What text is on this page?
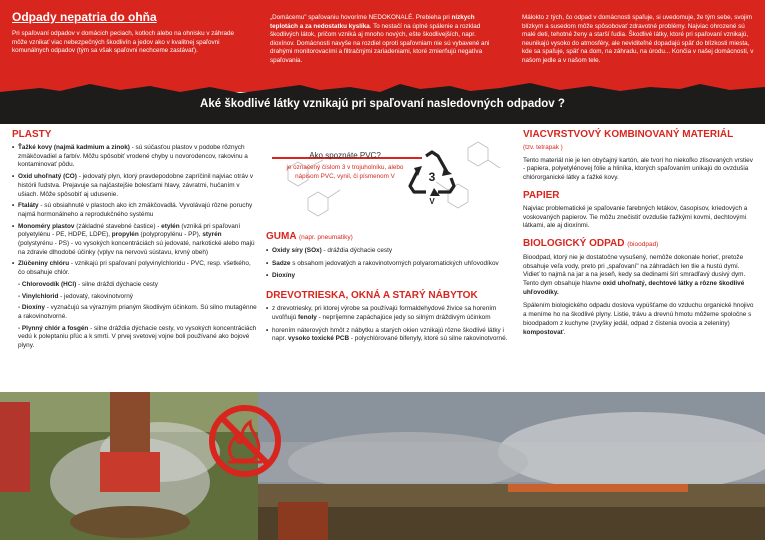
Odpady nepatria do ohňa
Pri spaľovaní odpadov v domácich peciach, kotloch alebo na ohnisku v záhrade môže vznikať viac nebezpečných škodlivín a jedov ako v kvalitnej spaľovni komunálnych odpadov (tým sa však spaľovni nechceme zastávať).
„Domácemu" spaľovaniu hovoríme NEDOKONALÉ. Prebieha pri nízkych teplotách a za nedostatku kyslíka. To nestačí na úplné spálenie a rozklad škodlivých látok, pričom vzniká aj mnoho nových, ešte škodlivejších, napr. dioxínov. Domácnosti navyše na rozdiel oproti spaľovniam nie sú vybavené ani drahými monitorovacími a filtračnými zariadeniami, ktoré zmierňujú negatíva spaľovania.
Málokto z tých, čo odpad v domácnosti spaľuje, si uvedomuje, že tým sebe, svojim blízkym a susedom môže spôsobovať zdravotné problémy. Najviac ohrozené sú malé deti, tehotné ženy a starší ľudia. Škodlivé látky, ktoré pri spaľovaní vznikajú, neunikajú vysoko do atmosféry, ale neviditeľné dopadajú späť do blízkosti miesta, kde sa spaľuje, späť na dom, na záhradu, na úrodu... Končia v našej domácnosti, v našom jedle a v našom tele.
Aké škodlivé látky vznikajú pri spaľovaní nasledovných odpadov ?
PLASTY
• Ťažké kovy (najmä kadmium a zinok) - sú súčasťou plastov v podobe rôznych zmäkčovadiel a farbív. Môžu spôsobiť vrodené chyby u novorodencov, rakovinu a kontaminovať pôdu.
• Oxid uhoľnatý (CO) - jedovatý plyn, ktorý pravdepodobne zapríčinil najviac otráv v histórii ľudstva. Prejavuje sa najčastejšie bolesťami hlavy, závratmi, hučaním v ušiach. Môže spôsobiť aj udusenie.
• Ftaláty - sú obsiahnuté v plastoch ako ich zmäkčovadlá. Vyvolávajú rôzne poruchy najmä hormonálneho a reprodukčného systému
• Monoméry plastov (základné stavebné častice) - etylén (vzniká pri spaľovaní polyetylénu - PE, HDPE, LDPE), propylén (polypropylénu - PP), styrén (polystyrénu - PS) - vo vysokých koncentráciách sú jedovaté, narkotické alebo majú na zdravie dlhodobé účinky (vplyv na nervovú sústavu, krvný obeh)
• Zlúčeniny chlóru - vznikajú pri spaľovaní polyvinylchloridu - PVC, resp. všetkého, čo obsahuje chlór.
- Chlorovodík (HCl) - silne dráždi dýchacie cesty
- Vinylchlorid - jedovatý, rakovinotvorný
- Dioxíny - vyznačujú sa výrazným prianým škodlivým účinkom. Sú silno mutagénne a rakovinotvorné.
- Plynný chlór a fosgén - silne dráždia dýchacie cesty, vo vysokých koncentráciách vedú k poleptaniu pľúc a k smrti. V prvej svetovej vojne boli používané ako bojové plyny.
3
V
Ako spoznáte PVC?
je označený číslom 3 v trojuholníku, alebo nápisom PVC, vynil, či písmenom V
GUMA (napr. pneumatiky)
• Oxidy síry (SOx) - dráždia dýchacie cesty
• Sadze s obsahom jedovatých a rakovinotvorných polyaromatických uhľovodíkov
• Dioxíny
DREVOTRIESKA, OKNÁ A STARÝ NÁBYTOK
• z drevotriesky, pri ktorej výrobe sa používajú formaldehydové živice sa horením uvoľňujú fenoly - nepríjemne zapáchajúce jedy so silným dráždivým účinkom
• horením náterových hmôt z nábytku a starých okien vznikajú rôzne škodlivé látky i napr. vysoko toxické PCB - polychlórované bifenyly, ktoré sú silne rakovinotvorné.
VIACVRSTVOVÝ KOMBINOVANÝ MATERIÁL
(tzv. tetrapak )
Tento materiál nie je len obyčajný kartón, ale tvorí ho niekoľko zlisovaných vrstiev - papiera, polyetylénovej fólie a hliníka, ktorých spaľovaním unikajú do ovzdušia chlórorganické látky a ťažké kovy.
PAPIER
Najviac problematické je spaľovanie farebných letákov, časopisov, kriedových a voskovaných papierov. Tie môžu znečistiť ovzdušie ťažkými kovmi, dechtovými látkami, ale aj dioxínmi.
BIOLOGICKÝ ODPAD (bioodpad)
Bioodpad, ktorý nie je dostatočne vysušený, nemôže dokonale horieť, pretože obsahuje veľa vody, preto pri „spaľovaní" na záhradách len tlie a hustú dymí. Vidieť to najmä na jar a na jeseň, kedy sa dedinami šíri smradľavý dusivý dym. Tento dym obsahuje hlavne oxid uhoľnatý, dechtové látky a rôzne škodlivé uhľovodíky.
Spálením biologického odpadu doslova vypúšťame do vzduchu organické hnojivo a meníme ho na škodlivé plyny. Listie, trávu a drevnú hmotu môžeme spoločne s bioodpadom z kuchyne (zvyšky jedál, odpad z čistenia ovocia a zeleniny) kompostovať.
